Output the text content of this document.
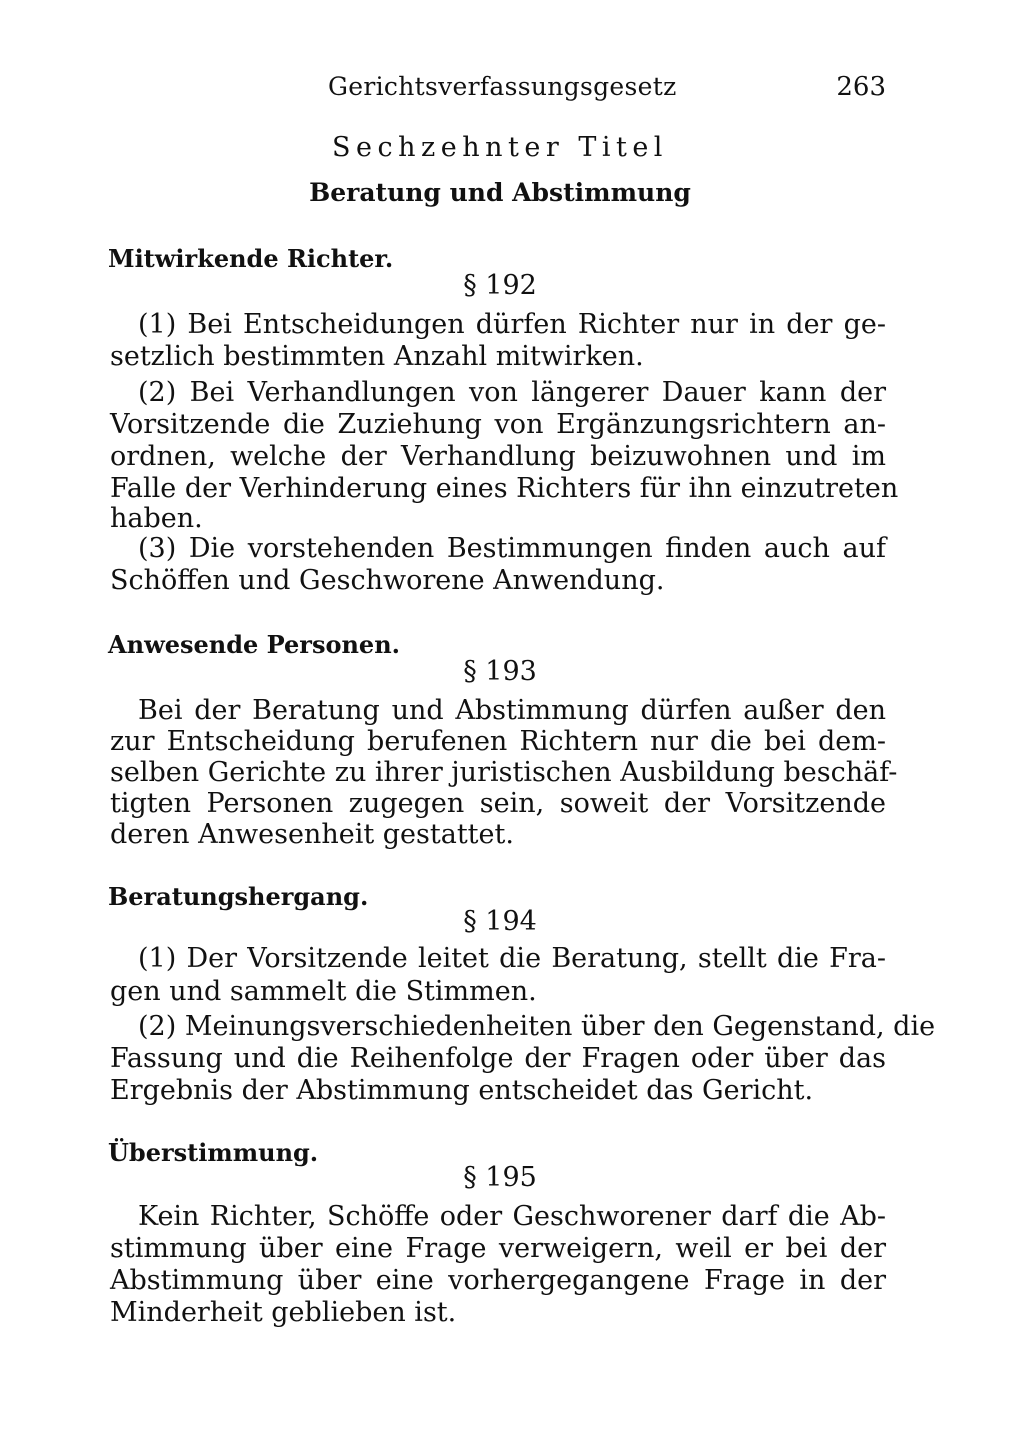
Gerichtsverfassungsgesetz	263
Sechzehnter Titel
Beratung und Abstimmung
Mitwirkende Richter.
§ 192
(1) Bei Entscheidungen dürfen Richter nur in der ge-
setzlich bestimmten Anzahl mitwirken.
(2) Bei Verhandlungen von längerer Dauer kann der
Vorsitzende die Zuziehung von Ergänzungsrichtern an-
ordnen, welche der Verhandlung beizuwohnen und im
Falle der Verhinderung eines Richters für ihn einzutreten
haben.
(3) Die vorstehenden Bestimmungen finden auch auf
Schöffen und Geschworene Anwendung.
Anwesende Personen.
§ 193
Bei der Beratung und Abstimmung dürfen außer den
zur Entscheidung berufenen Richtern nur die bei dem-
selben Gerichte zu ihrer juristischen Ausbildung beschäf-
tigten Personen zugegen sein, soweit der Vorsitzende
deren Anwesenheit gestattet.
Beratungshergang.
§ 194
(1) Der Vorsitzende leitet die Beratung, stellt die Fra-
gen und sammelt die Stimmen.
(2) Meinungsverschiedenheiten über den Gegenstand, die
Fassung und die Reihenfolge der Fragen oder über das
Ergebnis der Abstimmung entscheidet das Gericht.
Überstimmung.
§ 195
Kein Richter, Schöffe oder Geschworener darf die Ab-
stimmung über eine Frage verweigern, weil er bei der
Abstimmung über eine vorhergegangene Frage in der
Minderheit geblieben ist.
